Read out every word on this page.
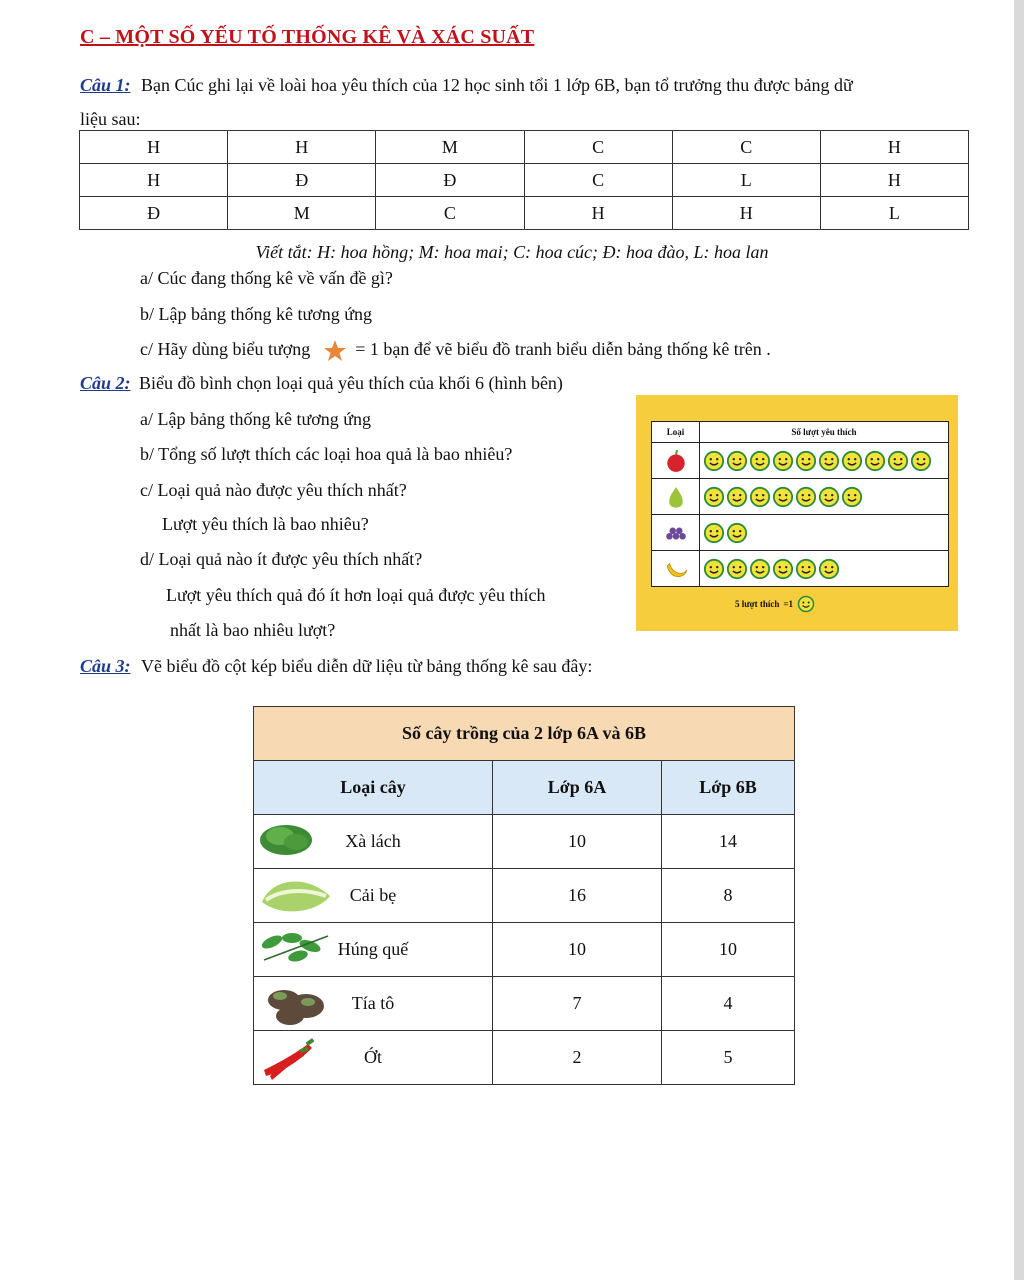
C – MỘT SỐ YẾU TỐ THỐNG KÊ VÀ XÁC SUẤT
Câu 1: Bạn Cúc ghi lại về loài hoa yêu thích của 12 học sinh tổi 1 lớp 6B, bạn tổ trưởng thu được bảng dữ
liệu sau:
H	H	M	C	C	H
H	Đ	Đ	C	L	H
Đ	M	C	H	H	L
Viết tắt: H: hoa hồng; M: hoa mai; C: hoa cúc; Đ: hoa đào, L: hoa lan
a/ Cúc đang thống kê về vấn đề gì?
b/ Lập bảng thống kê tương ứng
c/ Hãy dùng biểu tượng	= 1 bạn để vẽ biểu đồ tranh biểu diễn bảng thống kê trên .
Câu 2: Biểu đồ bình chọn loại quả yêu thích của khối 6 (hình bên)
a/ Lập bảng thống kê tương ứng
b/ Tổng số lượt thích các loại hoa quả là bao nhiêu?
c/ Loại quả nào được yêu thích nhất?
Lượt yêu thích là bao nhiêu?
d/ Loại quả nào ít được yêu thích nhất?
Lượt yêu thích quả đó ít hơn loại quả được yêu thích
nhất là bao nhiêu lượt?
Loại	Số lượt yêu thích
5 lượt thích =1
Câu 3: Vẽ biểu đồ cột kép biểu diễn dữ liệu từ bảng thống kê sau đây:
Số cây trồng của 2 lớp 6A và 6B		
Loại cây	Lớp 6A	Lớp 6B

Xà lách	10	14

Cải bẹ	16	8

Húng quế	10	10

Tía tô	7	4

Ớt	2	5
